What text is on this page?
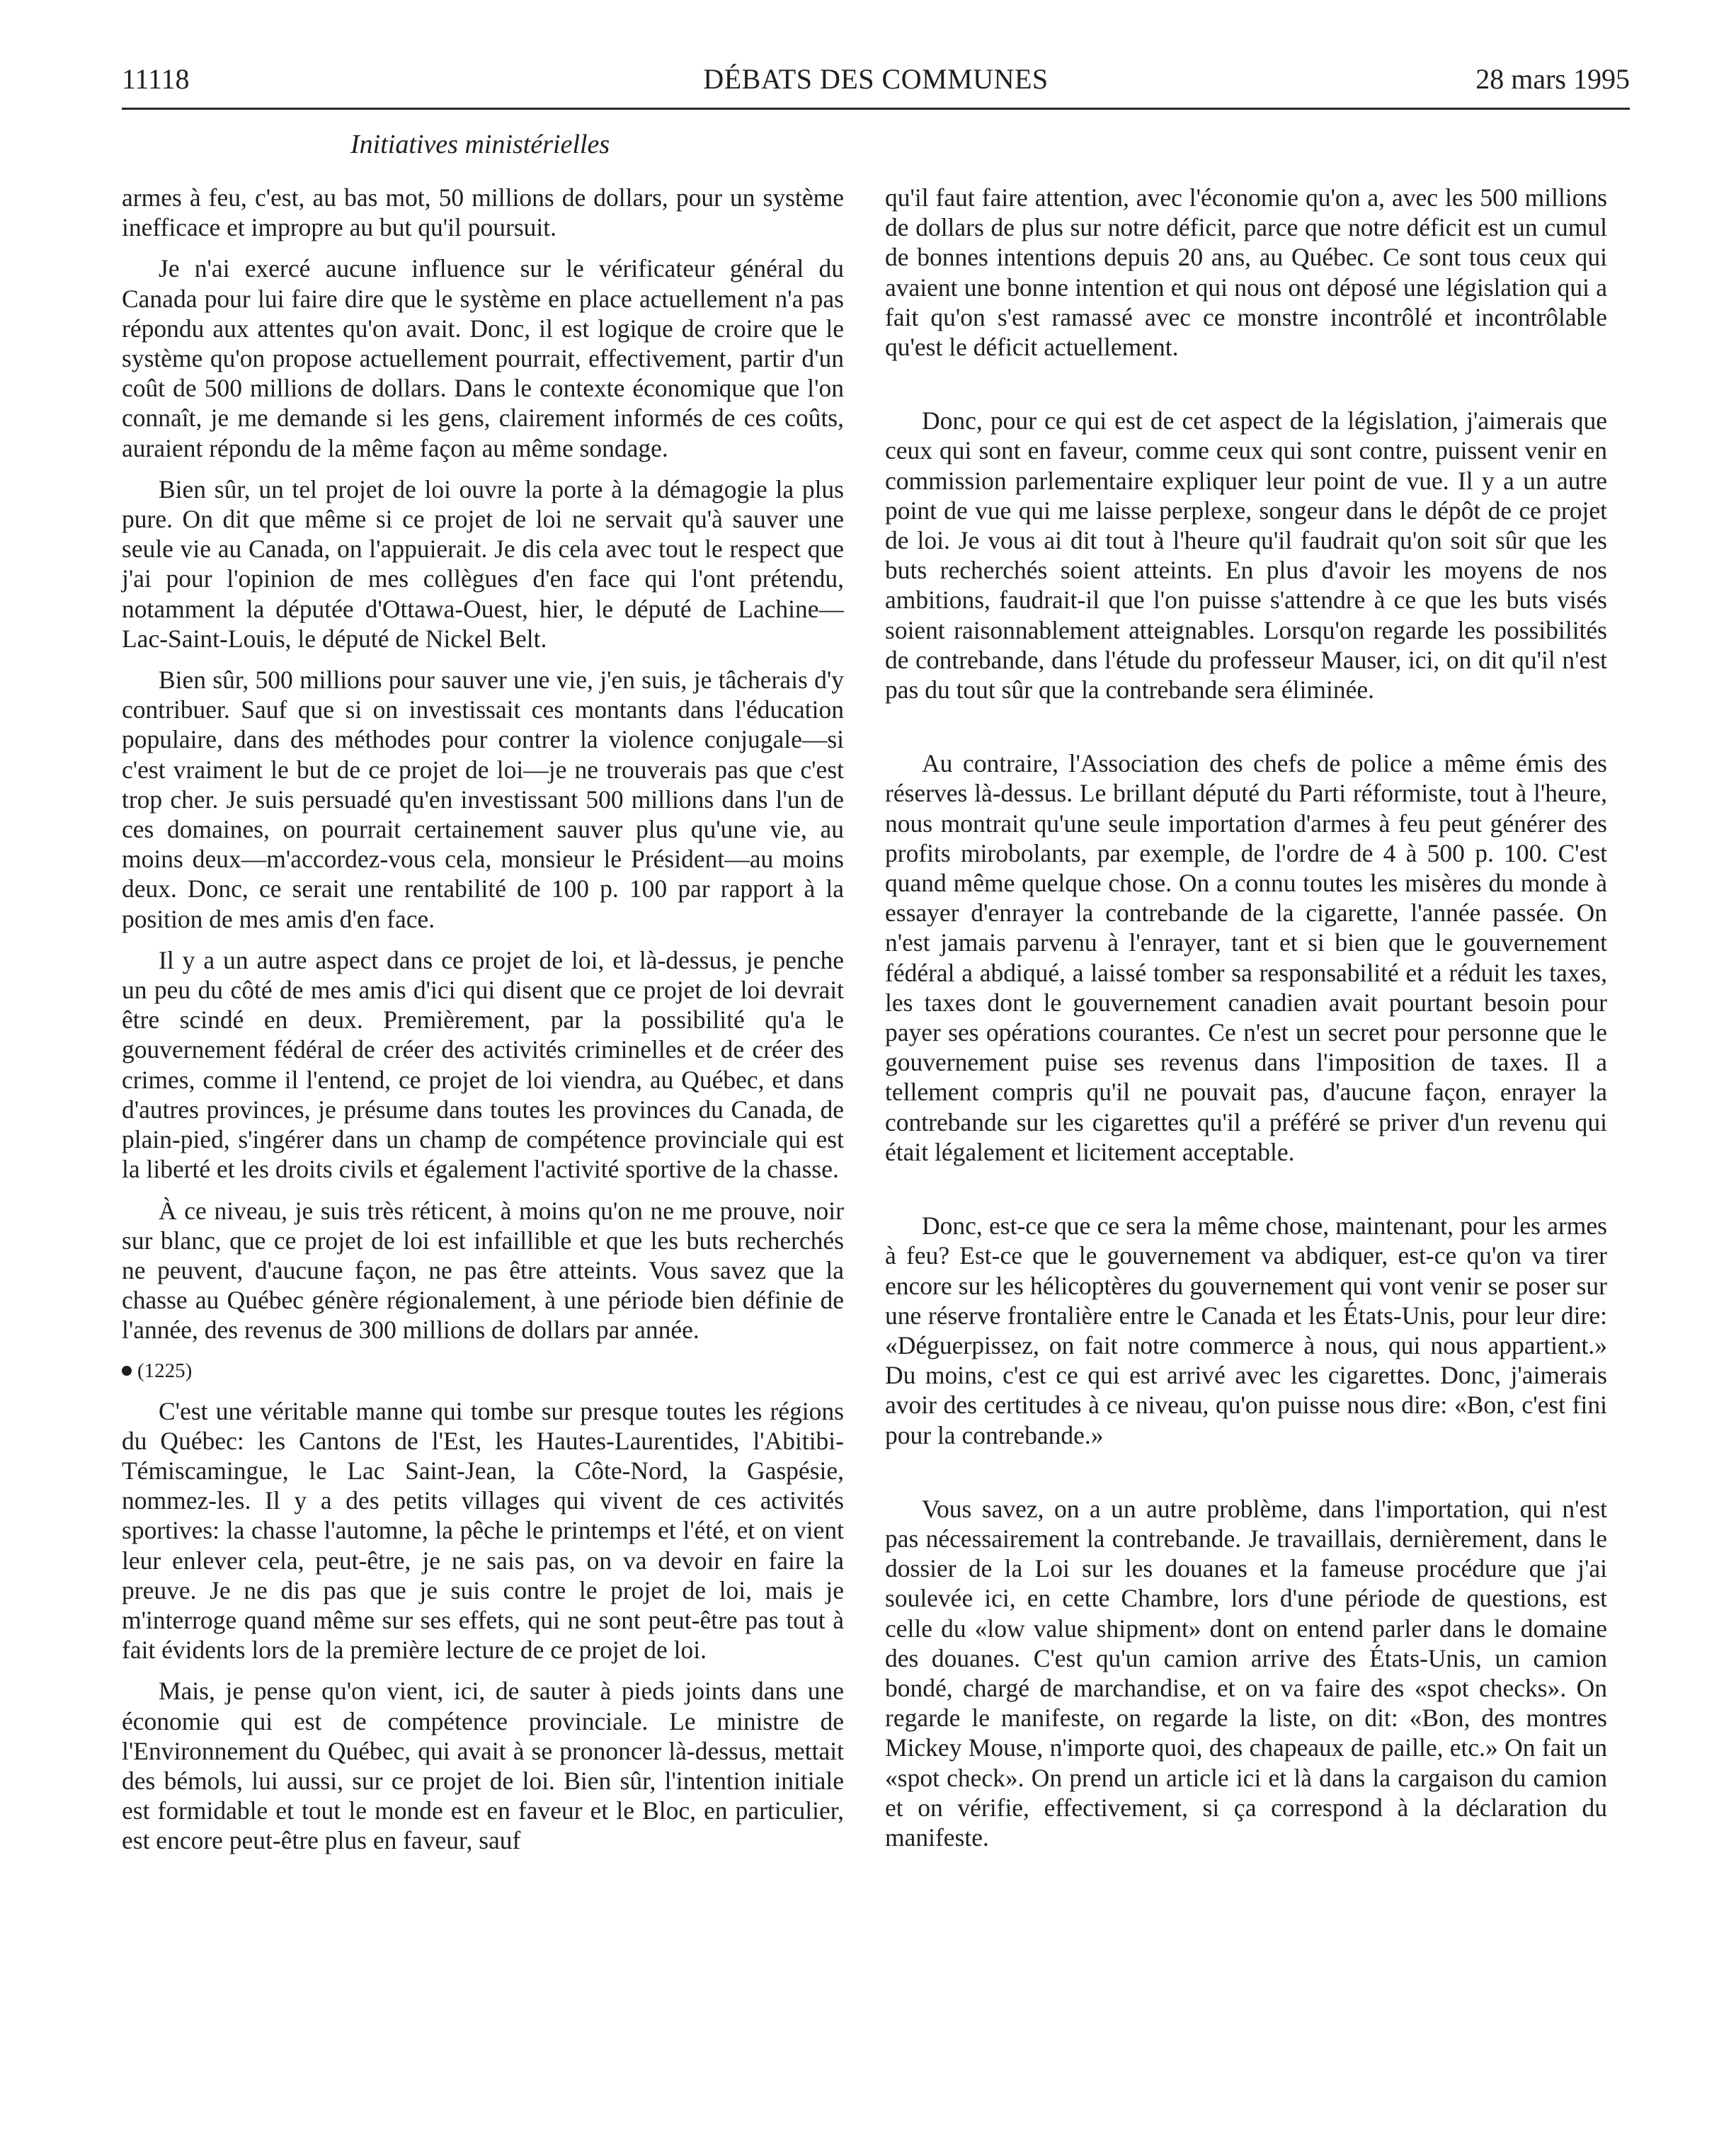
11118	DÉBATS DES COMMUNES	28 mars 1995
Initiatives ministérielles

armes à feu, c'est, au bas mot, 50 millions de dollars, pour un système inefficace et impropre au but qu'il poursuit.

Je n'ai exercé aucune influence sur le vérificateur général du Canada pour lui faire dire que le système en place actuellement n'a pas répondu aux attentes qu'on avait. Donc, il est logique de croire que le système qu'on propose actuellement pourrait, effectivement, partir d'un coût de 500 millions de dollars. Dans le contexte économique que l'on connaît, je me demande si les gens, clairement informés de ces coûts, auraient répondu de la même façon au même sondage.

Bien sûr, un tel projet de loi ouvre la porte à la démagogie la plus pure. On dit que même si ce projet de loi ne servait qu'à sauver une seule vie au Canada, on l'appuierait. Je dis cela avec tout le respect que j'ai pour l'opinion de mes collègues d'en face qui l'ont prétendu, notamment la députée d'Ottawa-Ouest, hier, le député de Lachine—Lac-Saint-Louis, le député de Nickel Belt.

Bien sûr, 500 millions pour sauver une vie, j'en suis, je tâcherais d'y contribuer. Sauf que si on investissait ces montants dans l'éducation populaire, dans des méthodes pour contrer la violence conjugale—si c'est vraiment le but de ce projet de loi—je ne trouverais pas que c'est trop cher. Je suis persuadé qu'en investissant 500 millions dans l'un de ces domaines, on pourrait certainement sauver plus qu'une vie, au moins deux—m'accordez-vous cela, monsieur le Président—au moins deux. Donc, ce serait une rentabilité de 100 p. 100 par rapport à la position de mes amis d'en face.

Il y a un autre aspect dans ce projet de loi, et là-dessus, je penche un peu du côté de mes amis d'ici qui disent que ce projet de loi devrait être scindé en deux. Premièrement, par la possibilité qu'a le gouvernement fédéral de créer des activités criminelles et de créer des crimes, comme il l'entend, ce projet de loi viendra, au Québec, et dans d'autres provinces, je présume dans toutes les provinces du Canada, de plain-pied, s'ingérer dans un champ de compétence provinciale qui est la liberté et les droits civils et également l'activité sportive de la chasse.

À ce niveau, je suis très réticent, à moins qu'on ne me prouve, noir sur blanc, que ce projet de loi est infaillible et que les buts recherchés ne peuvent, d'aucune façon, ne pas être atteints. Vous savez que la chasse au Québec génère régionalement, à une période bien définie de l'année, des revenus de 300 millions de dollars par année.

(1225)

C'est une véritable manne qui tombe sur presque toutes les régions du Québec: les Cantons de l'Est, les Hautes-Laurentides, l'Abitibi-Témiscamingue, le Lac Saint-Jean, la Côte-Nord, la Gaspésie, nommez-les. Il y a des petits villages qui vivent de ces activités sportives: la chasse l'automne, la pêche le printemps et l'été, et on vient leur enlever cela, peut-être, je ne sais pas, on va devoir en faire la preuve. Je ne dis pas que je suis contre le projet de loi, mais je m'interroge quand même sur ses effets, qui ne sont peut-être pas tout à fait évidents lors de la première lecture de ce projet de loi.

Mais, je pense qu'on vient, ici, de sauter à pieds joints dans une économie qui est de compétence provinciale. Le ministre de l'Environnement du Québec, qui avait à se prononcer là-dessus, mettait des bémols, lui aussi, sur ce projet de loi. Bien sûr, l'intention initiale est formidable et tout le monde est en faveur et le Bloc, en particulier, est encore peut-être plus en faveur, sauf

qu'il faut faire attention, avec l'économie qu'on a, avec les 500 millions de dollars de plus sur notre déficit, parce que notre déficit est un cumul de bonnes intentions depuis 20 ans, au Québec. Ce sont tous ceux qui avaient une bonne intention et qui nous ont déposé une législation qui a fait qu'on s'est ramassé avec ce monstre incontrôlé et incontrôlable qu'est le déficit actuellement.

Donc, pour ce qui est de cet aspect de la législation, j'aimerais que ceux qui sont en faveur, comme ceux qui sont contre, puissent venir en commission parlementaire expliquer leur point de vue. Il y a un autre point de vue qui me laisse perplexe, songeur dans le dépôt de ce projet de loi. Je vous ai dit tout à l'heure qu'il faudrait qu'on soit sûr que les buts recherchés soient atteints. En plus d'avoir les moyens de nos ambitions, faudrait-il que l'on puisse s'attendre à ce que les buts visés soient raisonnablement atteignables. Lorsqu'on regarde les possibilités de contrebande, dans l'étude du professeur Mauser, ici, on dit qu'il n'est pas du tout sûr que la contrebande sera éliminée.

Au contraire, l'Association des chefs de police a même émis des réserves là-dessus. Le brillant député du Parti réformiste, tout à l'heure, nous montrait qu'une seule importation d'armes à feu peut générer des profits mirobolants, par exemple, de l'ordre de 4 à 500 p. 100. C'est quand même quelque chose. On a connu toutes les misères du monde à essayer d'enrayer la contrebande de la cigarette, l'année passée. On n'est jamais parvenu à l'enrayer, tant et si bien que le gouvernement fédéral a abdiqué, a laissé tomber sa responsabilité et a réduit les taxes, les taxes dont le gouvernement canadien avait pourtant besoin pour payer ses opérations courantes. Ce n'est un secret pour personne que le gouvernement puise ses revenus dans l'imposition de taxes. Il a tellement compris qu'il ne pouvait pas, d'aucune façon, enrayer la contrebande sur les cigarettes qu'il a préféré se priver d'un revenu qui était légalement et licitement acceptable.

Donc, est-ce que ce sera la même chose, maintenant, pour les armes à feu? Est-ce que le gouvernement va abdiquer, est-ce qu'on va tirer encore sur les hélicoptères du gouvernement qui vont venir se poser sur une réserve frontalière entre le Canada et les États-Unis, pour leur dire: «Déguerpissez, on fait notre commerce à nous, qui nous appartient.» Du moins, c'est ce qui est arrivé avec les cigarettes. Donc, j'aimerais avoir des certitudes à ce niveau, qu'on puisse nous dire: «Bon, c'est fini pour la contrebande.»

Vous savez, on a un autre problème, dans l'importation, qui n'est pas nécessairement la contrebande. Je travaillais, dernièrement, dans le dossier de la Loi sur les douanes et la fameuse procédure que j'ai soulevée ici, en cette Chambre, lors d'une période de questions, est celle du «low value shipment» dont on entend parler dans le domaine des douanes. C'est qu'un camion arrive des États-Unis, un camion bondé, chargé de marchandise, et on va faire des «spot checks». On regarde le manifeste, on regarde la liste, on dit: «Bon, des montres Mickey Mouse, n'importe quoi, des chapeaux de paille, etc.» On fait un «spot check». On prend un article ici et là dans la cargaison du camion et on vérifie, effectivement, si ça correspond à la déclaration du manifeste.
